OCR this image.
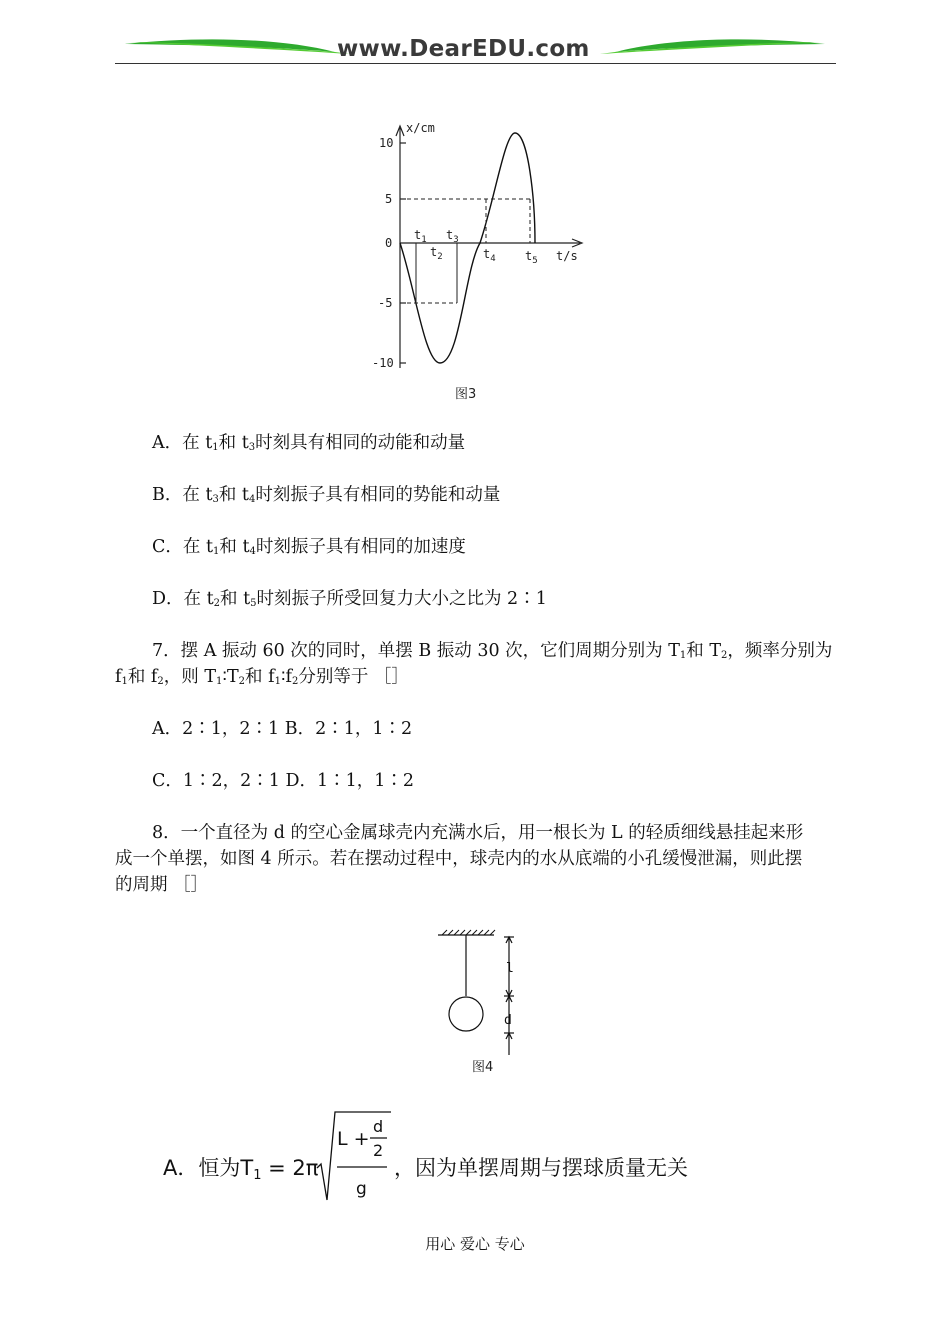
www.DearEDU.com
x/cm
t/s
10
5
0
-5
-10
$t_1$
$t_2$
$t_3$
$t_4$ $t_5$
图3
A．在 $t_1$和 $t_3$时刻具有相同的动能和动量
B．在 $t_3$和 $t_4$时刻振子具有相同的势能和动量
C．在 $t_1$和 $t_4$时刻振子具有相同的加速度
D．在 $t_2$和 $t_5$时刻振子所受回复力大小之比为 2∶1
7．摆 A 振动 60 次的同时，单摆 B 振动 30 次，它们周期分别为 $T_1$和 $T_2$，频率分别为
$f_1$和 $f_2$，则 $T_1∶T_2$和 $f_1∶f_2$分别等于 ［］
A．2∶1，2∶1 B．2∶1，1∶2
C．1∶2，2∶1 D．1∶1，1∶2
8．一个直径为 d 的空心金属球壳内充满水后，用一根长为 L 的轻质细线悬挂起来形
成一个单摆，如图 4 所示。若在摆动过程中，球壳内的水从底端的小孔缓慢泄漏，则此摆
的周期 ［］
l
d
图4
A．恒为T1 = 2π
L +
d
2
g
，因为单摆周期与摆球质量无关
用心 爱心 专心
